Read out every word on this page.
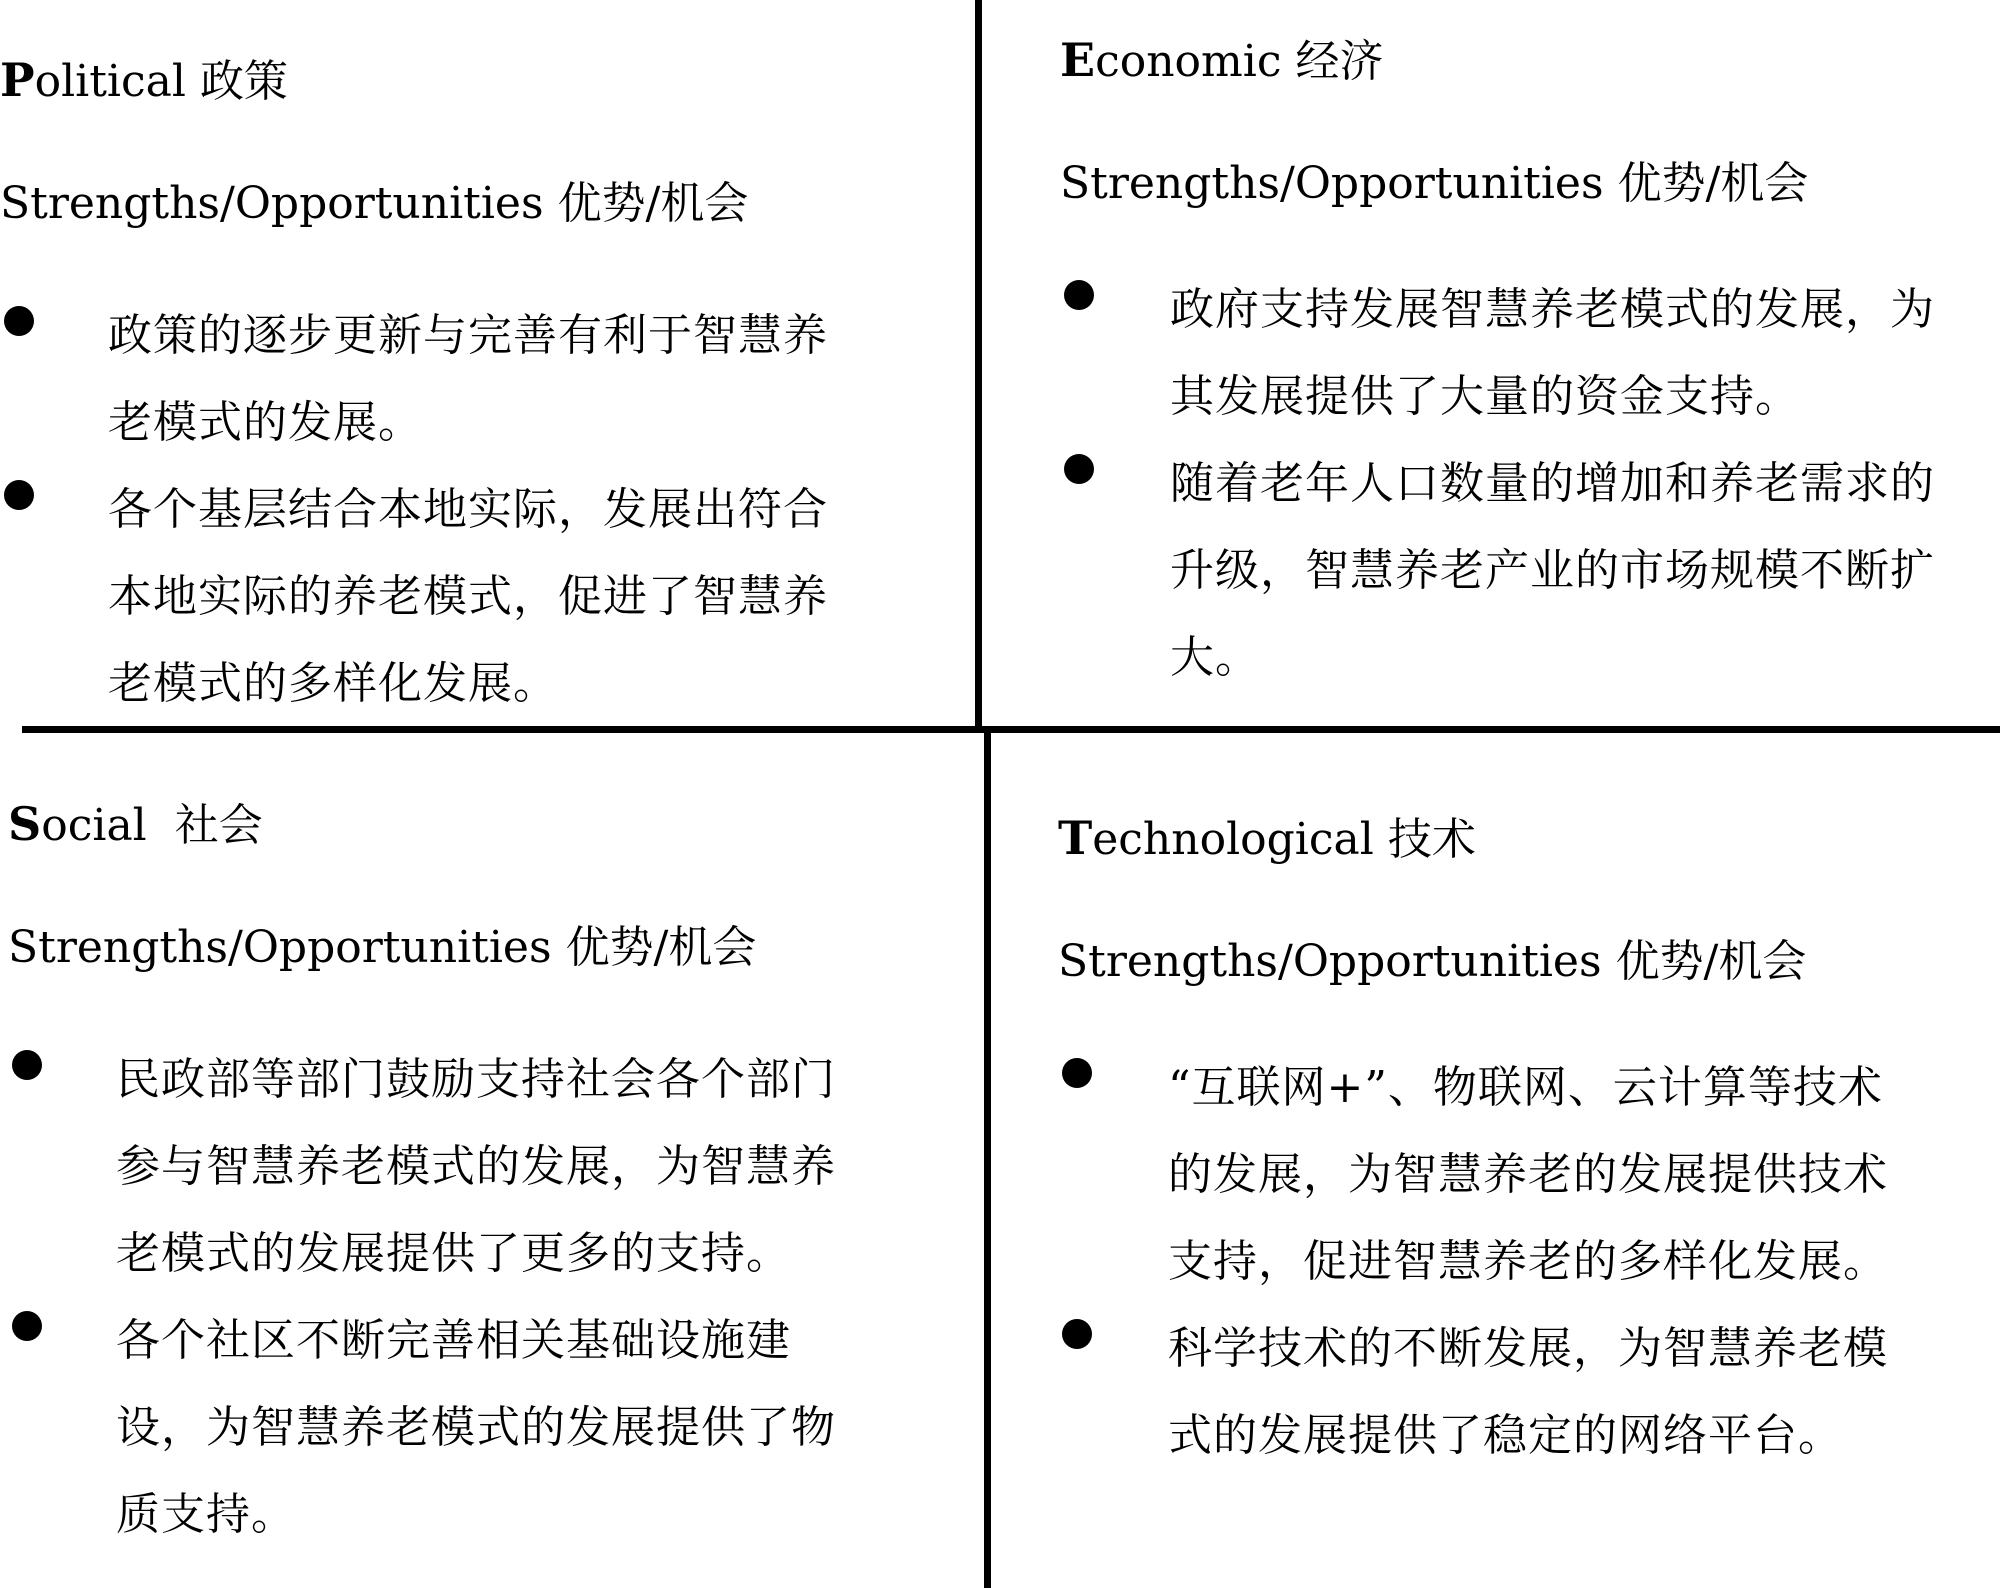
Political 政策
Strengths/Opportunities 优势/机会
政策的逐步更新与完善有利于智慧养
老模式的发展。
各个基层结合本地实际，发展出符合
本地实际的养老模式，促进了智慧养
老模式的多样化发展。
Economic 经济
Strengths/Opportunities 优势/机会
政府支持发展智慧养老模式的发展，为
其发展提供了大量的资金支持。
随着老年人口数量的增加和养老需求的
升级，智慧养老产业的市场规模不断扩
大。
Social 社会
Strengths/Opportunities 优势/机会
民政部等部门鼓励支持社会各个部门
参与智慧养老模式的发展，为智慧养
老模式的发展提供了更多的支持。
各个社区不断完善相关基础设施建
设，为智慧养老模式的发展提供了物
质支持。
Technological 技术
Strengths/Opportunities 优势/机会
“互联网+”、物联网、云计算等技术
的发展，为智慧养老的发展提供技术
支持，促进智慧养老的多样化发展。
科学技术的不断发展，为智慧养老模
式的发展提供了稳定的网络平台。
